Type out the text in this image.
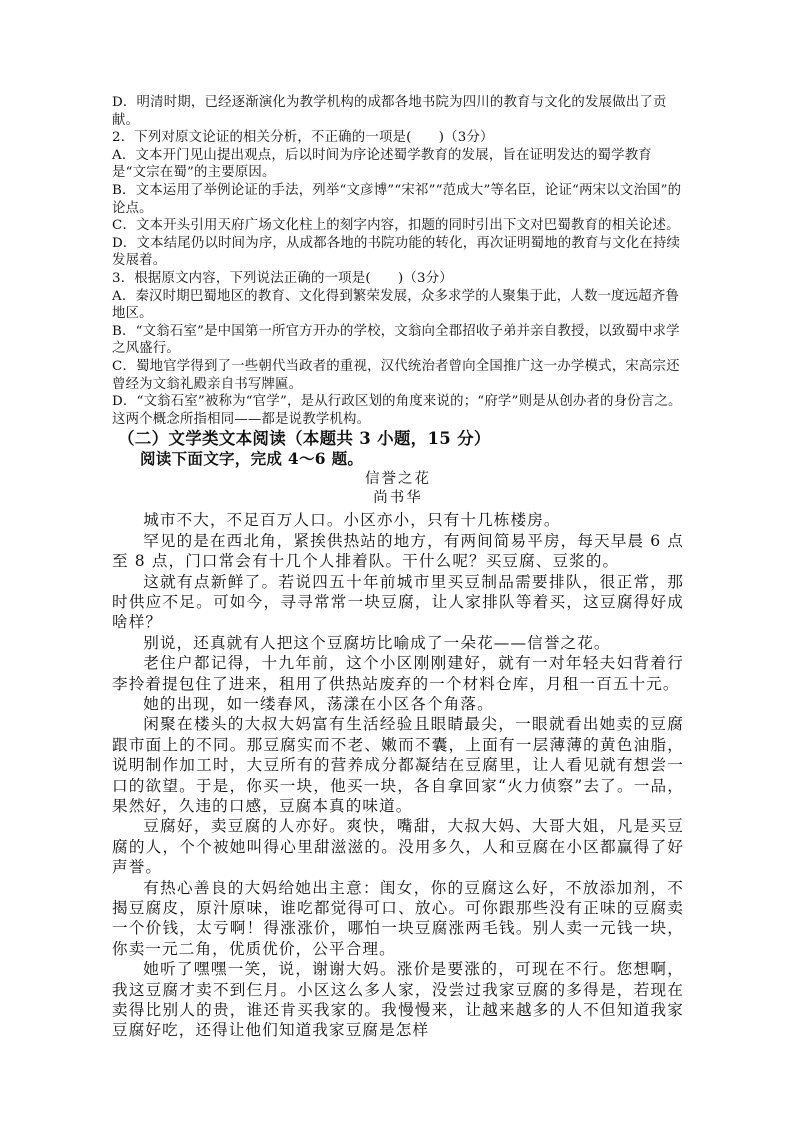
D．明清时期，已经逐渐演化为教学机构的成都各地书院为四川的教育与文化的发展做出了贡献。

2．下列对原文论证的相关分析，不正确的一项是(　　)（3分）

A．文本开门见山提出观点，后以时间为序论述蜀学教育的发展，旨在证明发达的蜀学教育是“文宗在蜀”的主要原因。

B．文本运用了举例论证的手法，列举“文彦博”“宋祁”“范成大”等名臣，论证“两宋以文治国”的论点。

C．文本开头引用天府广场文化柱上的刻字内容，扣题的同时引出下文对巴蜀教育的相关论述。

D．文本结尾仍以时间为序，从成都各地的书院功能的转化，再次证明蜀地的教育与文化在持续发展着。

3．根据原文内容，下列说法正确的一项是(　　)（3分）

A．秦汉时期巴蜀地区的教育、文化得到繁荣发展，众多求学的人聚集于此，人数一度远超齐鲁地区。

B．“文翁石室”是中国第一所官方开办的学校，文翁向全郡招收子弟并亲自教授，以致蜀中求学之风盛行。

C．蜀地官学得到了一些朝代当政者的重视，汉代统治者曾向全国推广这一办学模式，宋高宗还曾经为文翁礼殿亲自书写牌匾。

D．“文翁石室”被称为“官学”，是从行政区划的角度来说的；“府学”则是从创办者的身份言之。这两个概念所指相同——都是说教学机构。

（二）文学类文本阅读（本题共 3 小题，15 分）

阅读下面文字，完成 4～6 题。

信誉之花

尚书华

城市不大，不足百万人口。小区亦小，只有十几栋楼房。

罕见的是在西北角，紧挨供热站的地方，有两间简易平房，每天早晨 6 点至 8 点，门口常会有十几个人排着队。干什么呢？买豆腐、豆浆的。

这就有点新鲜了。若说四五十年前城市里买豆制品需要排队，很正常，那时供应不足。可如今，寻寻常常一块豆腐，让人家排队等着买，这豆腐得好成啥样？

别说，还真就有人把这个豆腐坊比喻成了一朵花——信誉之花。

老住户都记得，十九年前，这个小区刚刚建好，就有一对年轻夫妇背着行李拎着提包住了进来，租用了供热站废弃的一个材料仓库，月租一百五十元。

她的出现，如一缕春风，荡漾在小区各个角落。

闲聚在楼头的大叔大妈富有生活经验且眼睛最尖，一眼就看出她卖的豆腐跟市面上的不同。那豆腐实而不老、嫩而不囊，上面有一层薄薄的黄色油脂，说明制作加工时，大豆所有的营养成分都凝结在豆腐里，让人看见就有想尝一口的欲望。于是，你买一块，他买一块，各自拿回家“火力侦察”去了。一品，果然好，久违的口感，豆腐本真的味道。

豆腐好，卖豆腐的人亦好。爽快，嘴甜，大叔大妈、大哥大姐，凡是买豆腐的人，个个被她叫得心里甜滋滋的。没用多久，人和豆腐在小区都赢得了好声誉。

有热心善良的大妈给她出主意：闺女，你的豆腐这么好，不放添加剂，不揭豆腐皮，原汁原味，谁吃都觉得可口、放心。可你跟那些没有正味的豆腐卖一个价钱，太亏啊！得涨涨价，哪怕一块豆腐涨两毛钱。别人卖一元钱一块，你卖一元二角，优质优价，公平合理。

她听了嘿嘿一笑，说，谢谢大妈。涨价是要涨的，可现在不行。您想啊，我这豆腐才卖不到仨月。小区这么多人家，没尝过我家豆腐的多得是，若现在卖得比别人的贵，谁还肯买我家的。我慢慢来，让越来越多的人不但知道我家豆腐好吃，还得让他们知道我家豆腐是怎样
